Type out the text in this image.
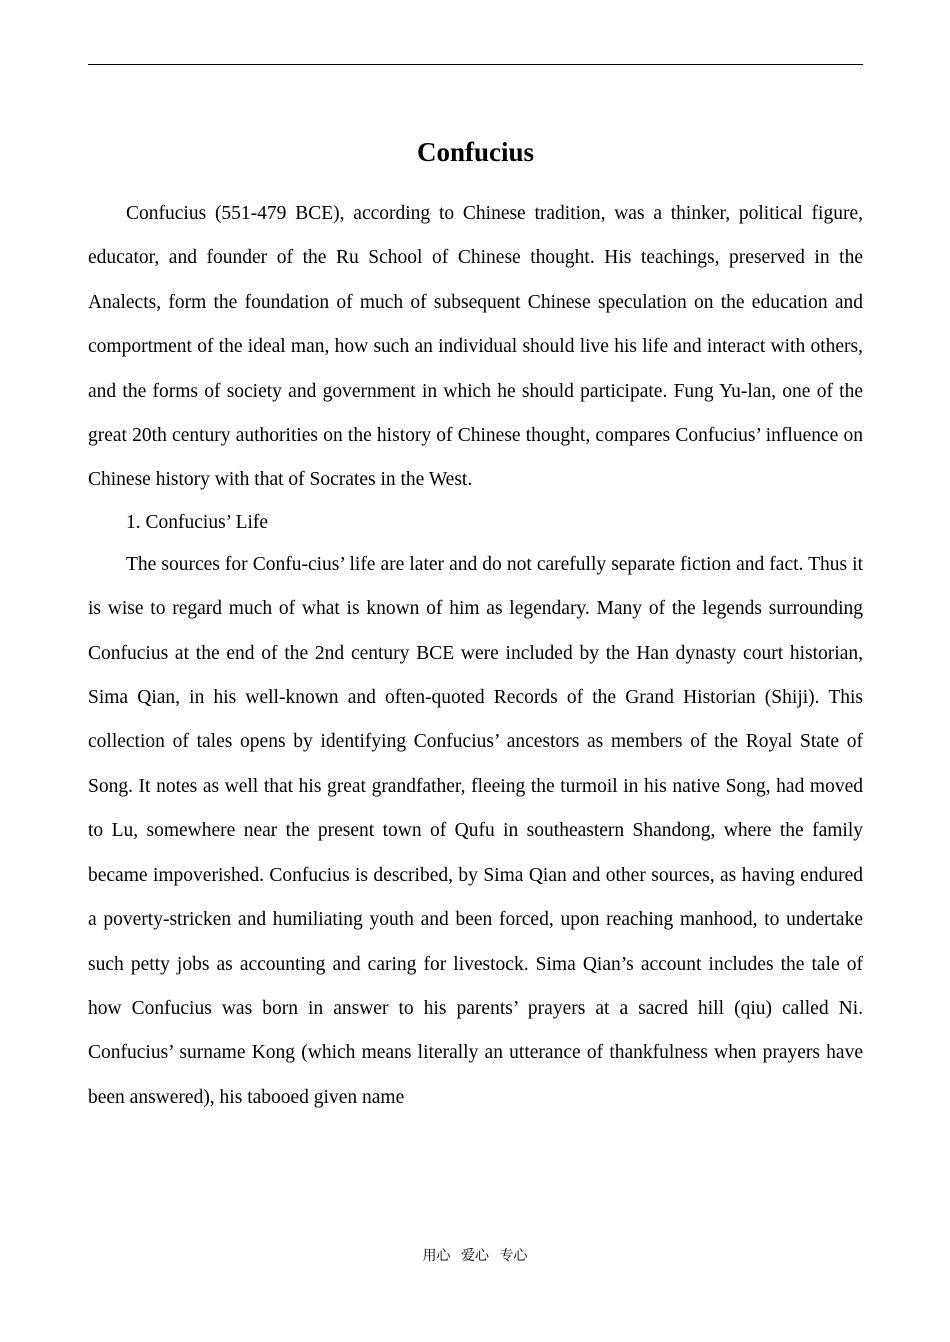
Confucius

Confucius (551-479 BCE), according to Chinese tradition, was a thinker, political figure, educator, and founder of the Ru School of Chinese thought. His teachings, preserved in the Analects, form the foundation of much of subsequent Chinese speculation on the education and comportment of the ideal man, how such an individual should live his life and interact with others, and the forms of society and government in which he should participate. Fung Yu-lan, one of the great 20th century authorities on the history of Chinese thought, compares Confucius’ influence on Chinese history with that of Socrates in the West.

1. Confucius’ Life

The sources for Confu-cius’ life are later and do not carefully separate fiction and fact. Thus it is wise to regard much of what is known of him as legendary. Many of the legends surrounding Confucius at the end of the 2nd century BCE were included by the Han dynasty court historian, Sima Qian, in his well-known and often-quoted Records of the Grand Historian (Shiji). This collection of tales opens by identifying Confucius’ ancestors as members of the Royal State of Song. It notes as well that his great grandfather, fleeing the turmoil in his native Song, had moved to Lu, somewhere near the present town of Qufu in southeastern Shandong, where the family became impoverished. Confucius is described, by Sima Qian and other sources, as having endured a poverty-stricken and humiliating youth and been forced, upon reaching manhood, to undertake such petty jobs as accounting and caring for livestock. Sima Qian’s account includes the tale of how Confucius was born in answer to his parents’ prayers at a sacred hill (qiu) called Ni. Confucius’ surname Kong (which means literally an utterance of thankfulness when prayers have been answered), his tabooed given name

用心 爱心 专心
